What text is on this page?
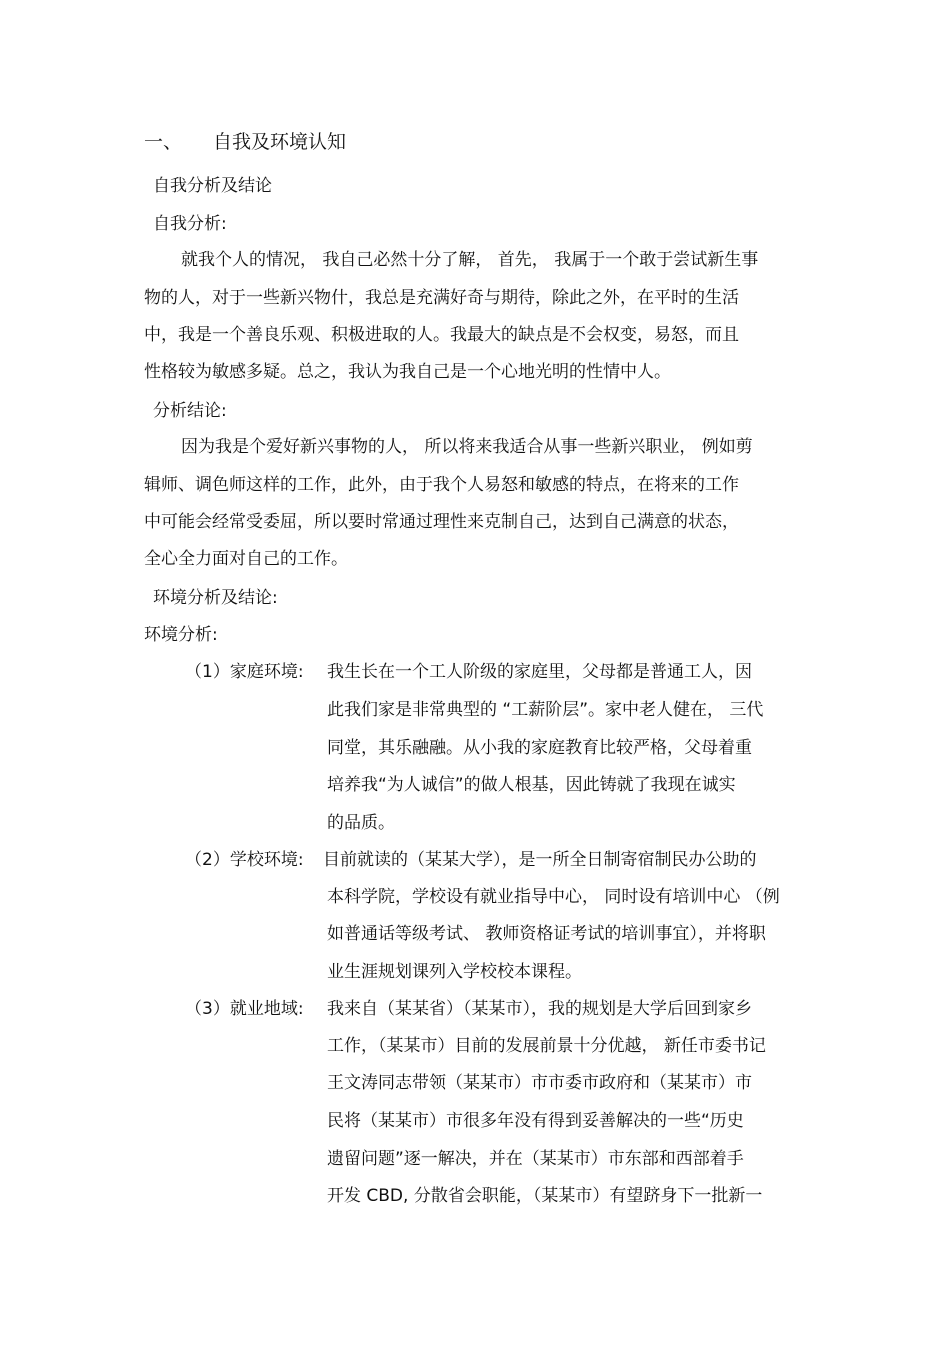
一、 自我及环境认知
自我分析及结论
自我分析:
就我个人的情况， 我自己必然十分了解， 首先， 我属于一个敢于尝试新生事
物的人，对于一些新兴物什，我总是充满好奇与期待，除此之外，在平时的生活
中，我是一个善良乐观、积极进取的人。我最大的缺点是不会权变，易怒，而且
性格较为敏感多疑。总之，我认为我自己是一个心地光明的性情中人。
分析结论:
因为我是个爱好新兴事物的人， 所以将来我适合从事一些新兴职业， 例如剪
辑师、调色师这样的工作，此外，由于我个人易怒和敏感的特点，在将来的工作
中可能会经常受委屈，所以要时常通过理性来克制自己，达到自己满意的状态，
全心全力面对自己的工作。
环境分析及结论:
环境分析:
（1）家庭环境: 我生长在一个工人阶级的家庭里，父母都是普通工人，因
此我们家是非常典型的 “工薪阶层”。家中老人健在， 三代
同堂，其乐融融。从小我的家庭教育比较严格，父母着重
培养我“为人诚信”的做人根基，因此铸就了我现在诚实
的品质。
（2）学校环境: 目前就读的（某某大学），是一所全日制寄宿制民办公助的
本科学院，学校设有就业指导中心， 同时设有培训中心 （例
如普通话等级考试、 教师资格证考试的培训事宜），并将职
业生涯规划课列入学校校本课程。
（3）就业地域: 我来自（某某省）（某某市），我的规划是大学后回到家乡
工作，（某某市）目前的发展前景十分优越， 新任市委书记
王文涛同志带领（某某市）市市委市政府和（某某市）市
民将（某某市）市很多年没有得到妥善解决的一些“历史
遗留问题”逐一解决，并在（某某市）市东部和西部着手
开发 CBD, 分散省会职能，（某某市）有望跻身下一批新一
